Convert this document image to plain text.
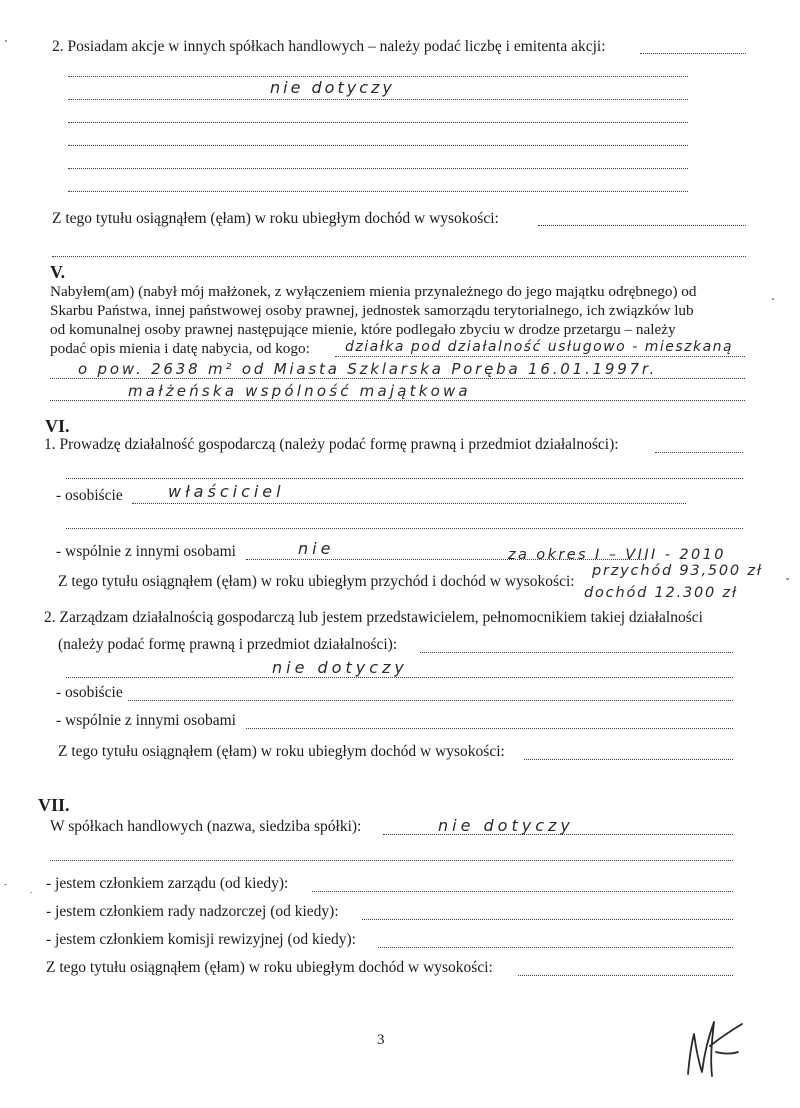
2. Posiadam akcje w innych spółkach handlowych – należy podać liczbę i emitenta akcji:
nie dotyczy
Z tego tytułu osiągnąłem (ęłam) w roku ubiegłym dochód w wysokości:
V.
Nabyłem(am) (nabył mój małżonek, z wyłączeniem mienia przynależnego do jego majątku odrębnego) od
Skarbu Państwa, innej państwowej osoby prawnej, jednostek samorządu terytorialnego, ich związków lub
od komunalnej osoby prawnej następujące mienie, które podlegało zbyciu w drodze przetargu – należy
podać opis mienia i datę nabycia, od kogo:	działka pod działalność usługowo - mieszkaną
o pow. 2638 m² od Miasta Szklarska Poręba 16.01.1997r.
małżeńska wspólność majątkowa
VI.
1. Prowadzę działalność gospodarczą (należy podać formę prawną i przedmiot działalności):
- osobiście	właściciel
- wspólnie z innymi osobami	nie	za okres I – VIII - 2010
Z tego tytułu osiągnąłem (ęłam) w roku ubiegłym przychód i dochód w wysokości:
przychód 93,500 zł
dochód 12.300 zł
2. Zarządzam działalnością gospodarczą lub jestem przedstawicielem, pełnomocnikiem takiej działalności
(należy podać formę prawną i przedmiot działalności):
nie dotyczy
- osobiście
- wspólnie z innymi osobami
Z tego tytułu osiągnąłem (ęłam) w roku ubiegłym dochód w wysokości:
VII.
W spółkach handlowych (nazwa, siedziba spółki):	nie dotyczy
- jestem członkiem zarządu (od kiedy):
- jestem członkiem rady nadzorczej (od kiedy):
- jestem członkiem komisji rewizyjnej (od kiedy):
Z tego tytułu osiągnąłem (ęłam) w roku ubiegłym dochód w wysokości:
3
